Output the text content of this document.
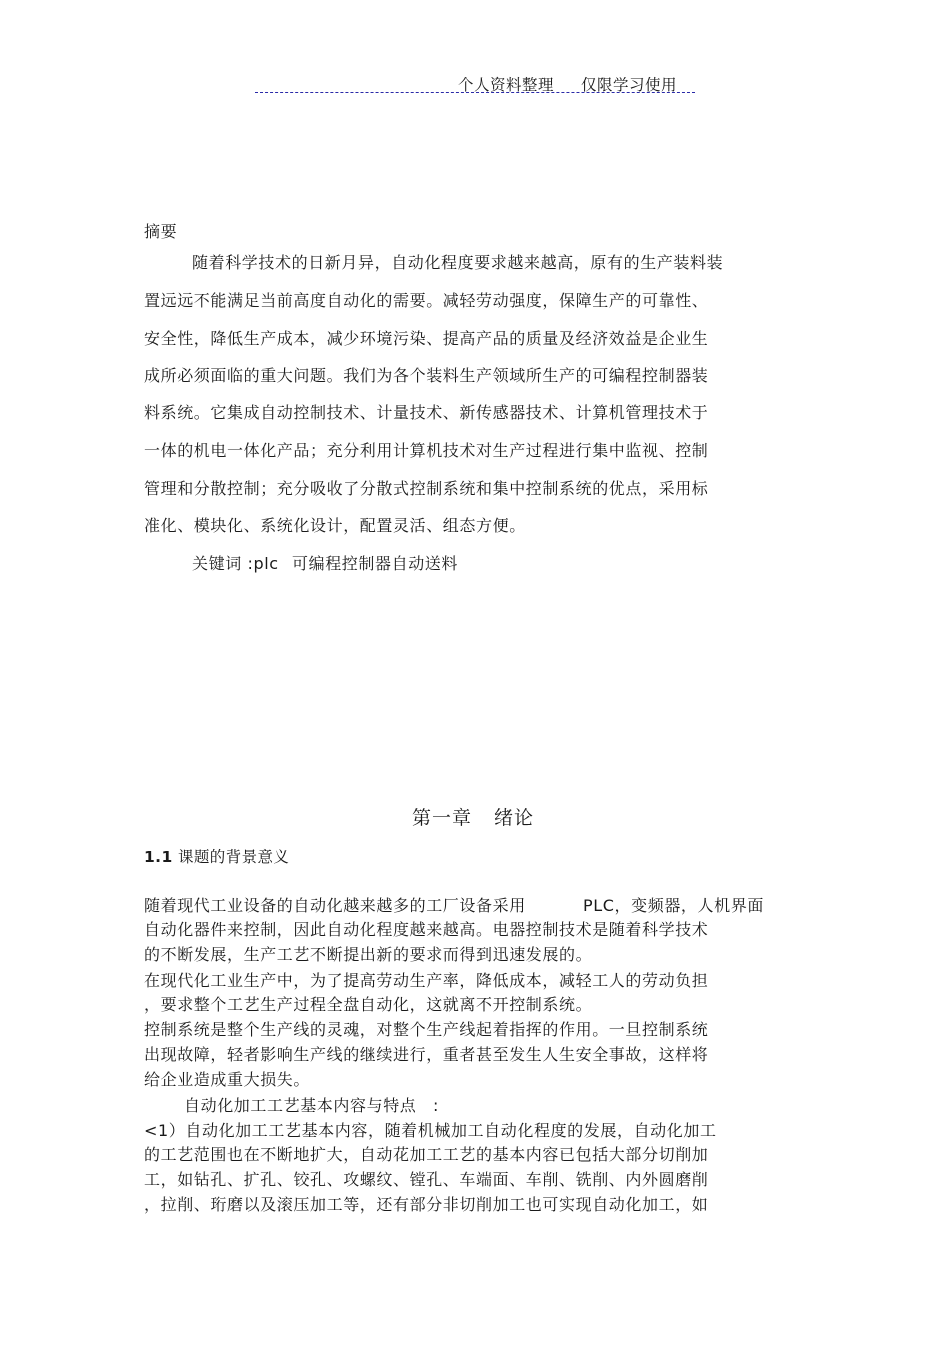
个人资料整理 仅限学习使用
摘要
随着科学技术的日新月异，自动化程度要求越来越高，原有的生产装料装
置远远不能满足当前高度自动化的需要。减轻劳动强度，保障生产的可靠性、
安全性，降低生产成本，减少环境污染、提高产品的质量及经济效益是企业生
成所必须面临的重大问题。我们为各个装料生产领域所生产的可编程控制器装
料系统。它集成自动控制技术、计量技术、新传感器技术、计算机管理技术于
一体的机电一体化产品；充分利用计算机技术对生产过程进行集中监视、控制
管理和分散控制；充分吸收了分散式控制系统和集中控制系统的优点，采用标
准化、模块化、系统化设计，配置灵活、组态方便。
关键词 :plc 可编程控制器自动送料
第一章 绪论
1.1 课题的背景意义
随着现代工业设备的自动化越来越多的工厂设备采用	PLC，变频器，人机界面
自动化器件来控制，因此自动化程度越来越高。电器控制技术是随着科学技术
的不断发展，生产工艺不断提出新的要求而得到迅速发展的。
在现代化工业生产中，为了提高劳动生产率，降低成本，减轻工人的劳动负担
，要求整个工艺生产过程全盘自动化，这就离不开控制系统。
控制系统是整个生产线的灵魂，对整个生产线起着指挥的作用。一旦控制系统
出现故障，轻者影响生产线的继续进行，重者甚至发生人生安全事故，这样将
给企业造成重大损失。
自动化加工工艺基本内容与特点　:
<1）自动化加工工艺基本内容，随着机械加工自动化程度的发展，自动化加工
的工艺范围也在不断地扩大，自动花加工工艺的基本内容已包括大部分切削加
工，如钻孔、扩孔、铰孔、攻螺纹、镗孔、车端面、车削、铣削、内外圆磨削
，拉削、珩磨以及滚压加工等，还有部分非切削加工也可实现自动化加工，如
